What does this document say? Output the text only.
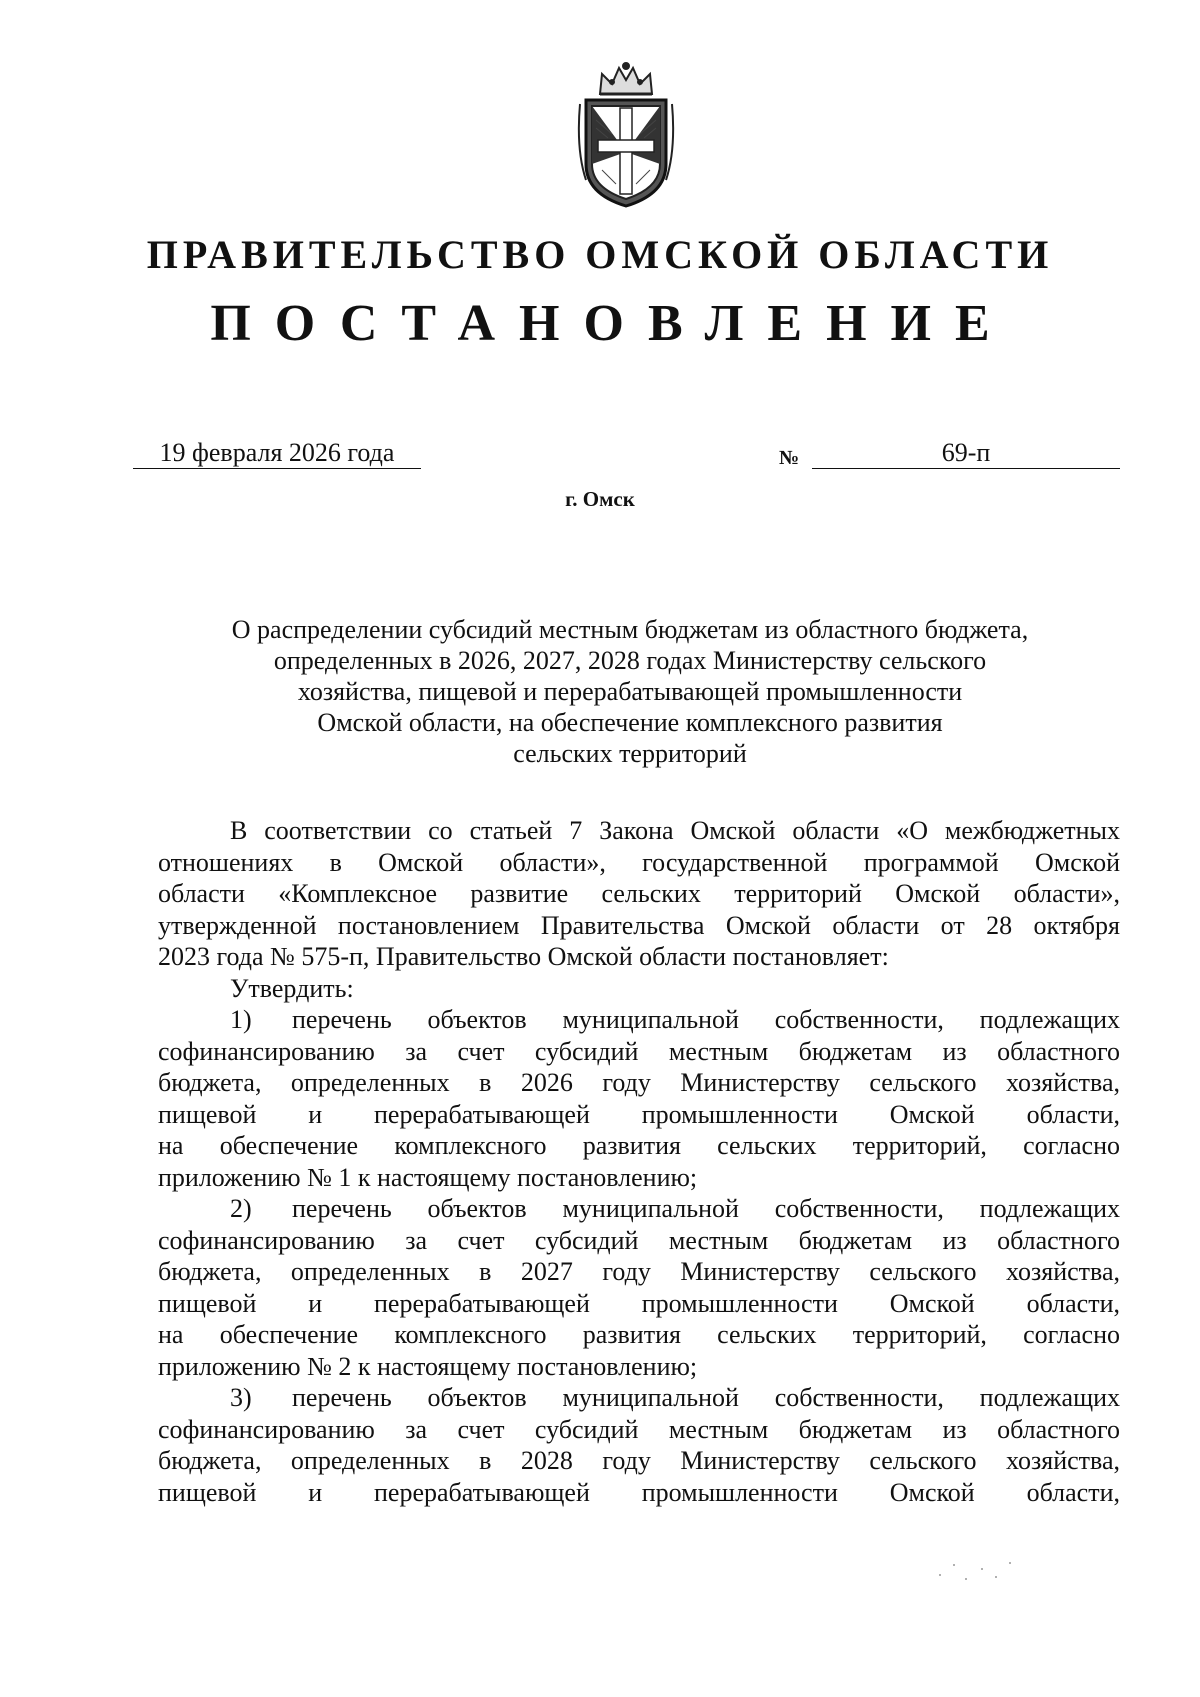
ПРАВИТЕЛЬСТВО ОМСКОЙ ОБЛАСТИ
ПОСТАНОВЛЕНИЕ
19 февраля 2026 года	№	69-п
г. Омск
О распределении субсидий местным бюджетам из областного бюджета,
определенных в 2026, 2027, 2028 годах Министерству сельского
хозяйства, пищевой и перерабатывающей промышленности
Омской области, на обеспечение комплексного развития
сельских территорий
В соответствии со статьей 7 Закона Омской области «О межбюджетных
отношениях в Омской области», государственной программой Омской
области «Комплексное развитие сельских территорий Омской области»,
утвержденной постановлением Правительства Омской области от 28 октября
2023 года № 575-п, Правительство Омской области постановляет:
Утвердить:
1)	перечень объектов муниципальной собственности, подлежащих
софинансированию за счет субсидий местным бюджетам из областного
бюджета, определенных в 2026 году Министерству сельского хозяйства,
пищевой и перерабатывающей промышленности Омской области,
на обеспечение комплексного развития сельских территорий, согласно
приложению № 1 к настоящему постановлению;
2)	перечень объектов муниципальной собственности, подлежащих
софинансированию за счет субсидий местным бюджетам из областного
бюджета, определенных в 2027 году Министерству сельского хозяйства,
пищевой и перерабатывающей промышленности Омской области,
на обеспечение комплексного развития сельских территорий, согласно
приложению № 2 к настоящему постановлению;
3)	перечень объектов муниципальной собственности, подлежащих
софинансированию за счет субсидий местным бюджетам из областного
бюджета, определенных в 2028 году Министерству сельского хозяйства,
пищевой и перерабатывающей промышленности Омской области,
